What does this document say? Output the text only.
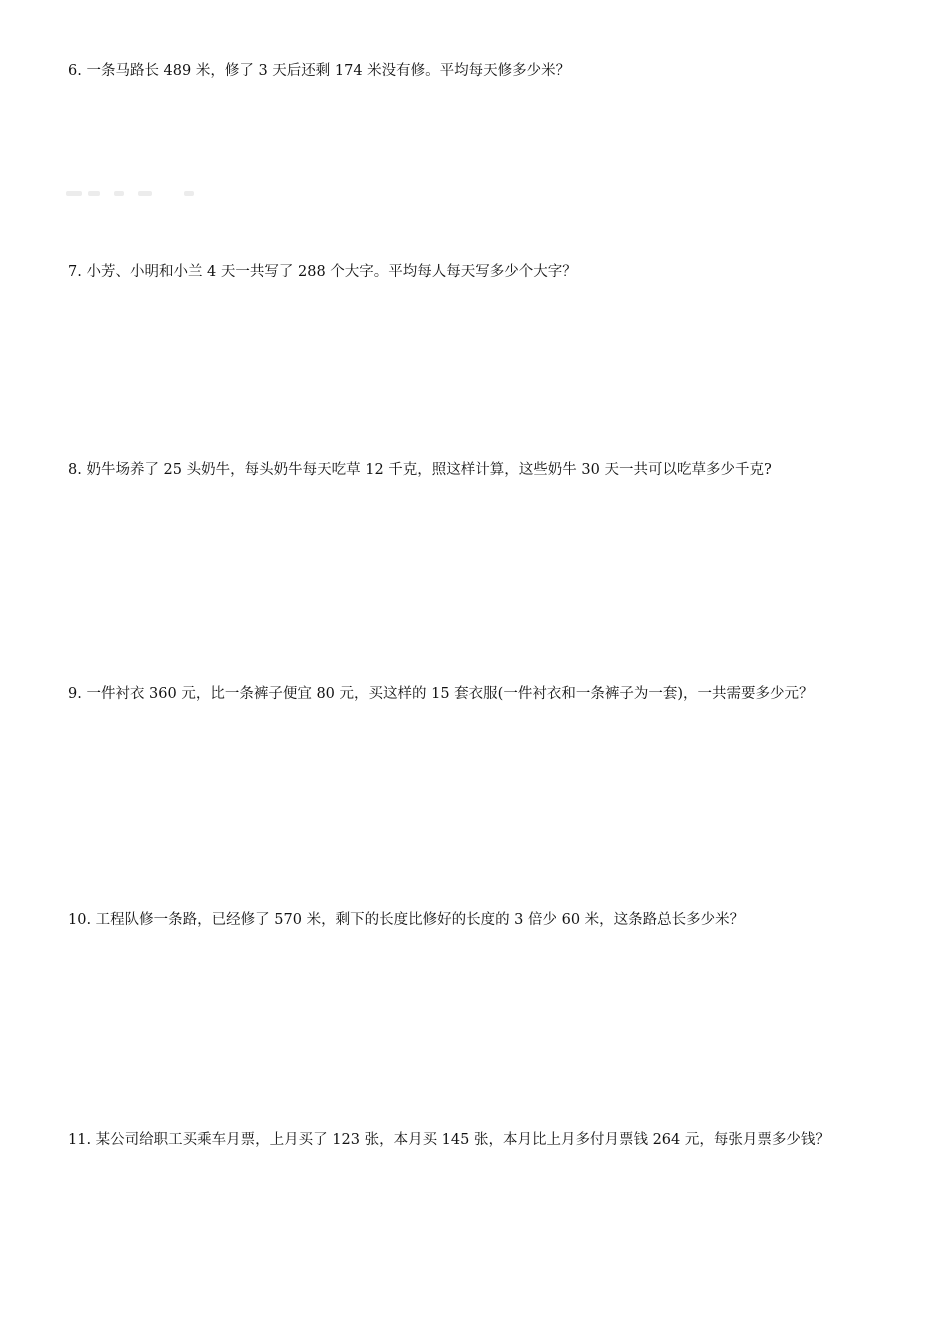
6. 一条马路长 489 米，修了 3 天后还剩 174 米没有修。平均每天修多少米？
7. 小芳、小明和小兰 4 天一共写了 288 个大字。平均每人每天写多少个大字？
8. 奶牛场养了 25 头奶牛，每头奶牛每天吃草 12 千克，照这样计算，这些奶牛 30 天一共可以吃草多少千克?
9. 一件衬衣 360 元，比一条裤子便宜 80 元，买这样的 15 套衣服(一件衬衣和一条裤子为一套)，一共需要多少元？
10. 工程队修一条路，已经修了 570 米，剩下的长度比修好的长度的 3 倍少 60 米，这条路总长多少米？
11. 某公司给职工买乘车月票，上月买了 123 张，本月买 145 张，本月比上月多付月票钱 264 元，每张月票多少钱？
